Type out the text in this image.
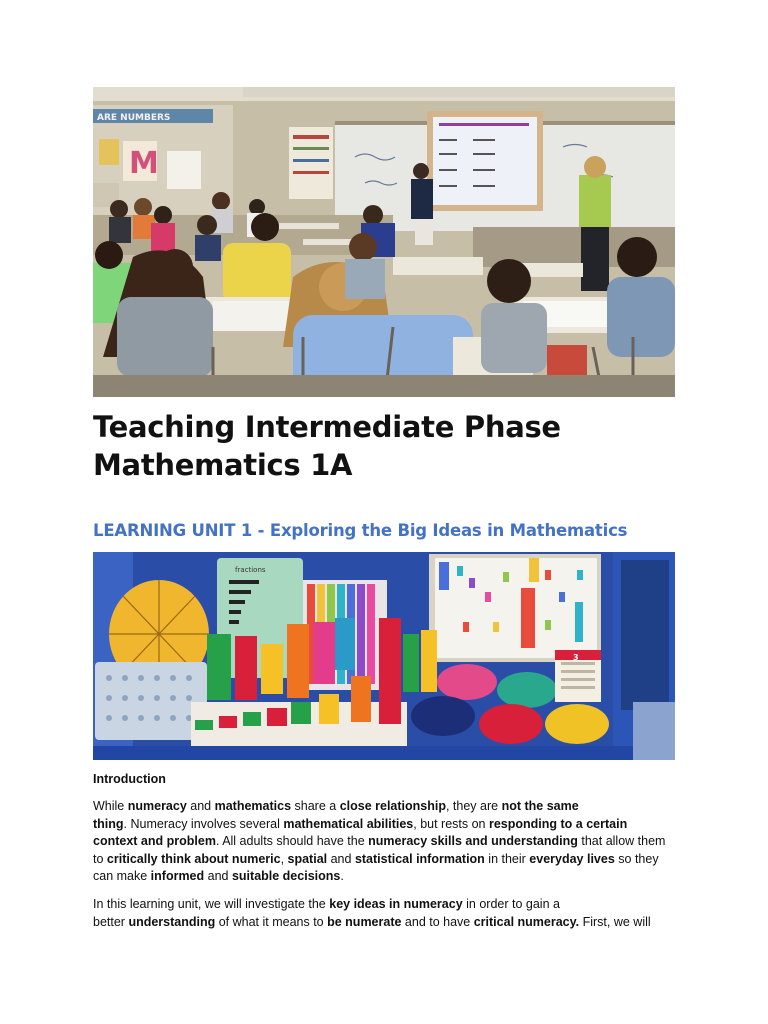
ARE NUMBERS
M
Teaching Intermediate Phase
Mathematics 1A
LEARNING UNIT 1 - Exploring the Big Ideas in Mathematics
fractions
3
Introduction
While numeracy and mathematics share a close relationship, they are not the same
thing. Numeracy involves several mathematical abilities, but rests on responding to a certain
context and problem. All adults should have the numeracy skills and understanding that allow them
to critically think about numeric, spatial and statistical information in their everyday lives so they
can make informed and suitable decisions.
In this learning unit, we will investigate the key ideas in numeracy in order to gain a
better understanding of what it means to be numerate and to have critical numeracy. First, we will
